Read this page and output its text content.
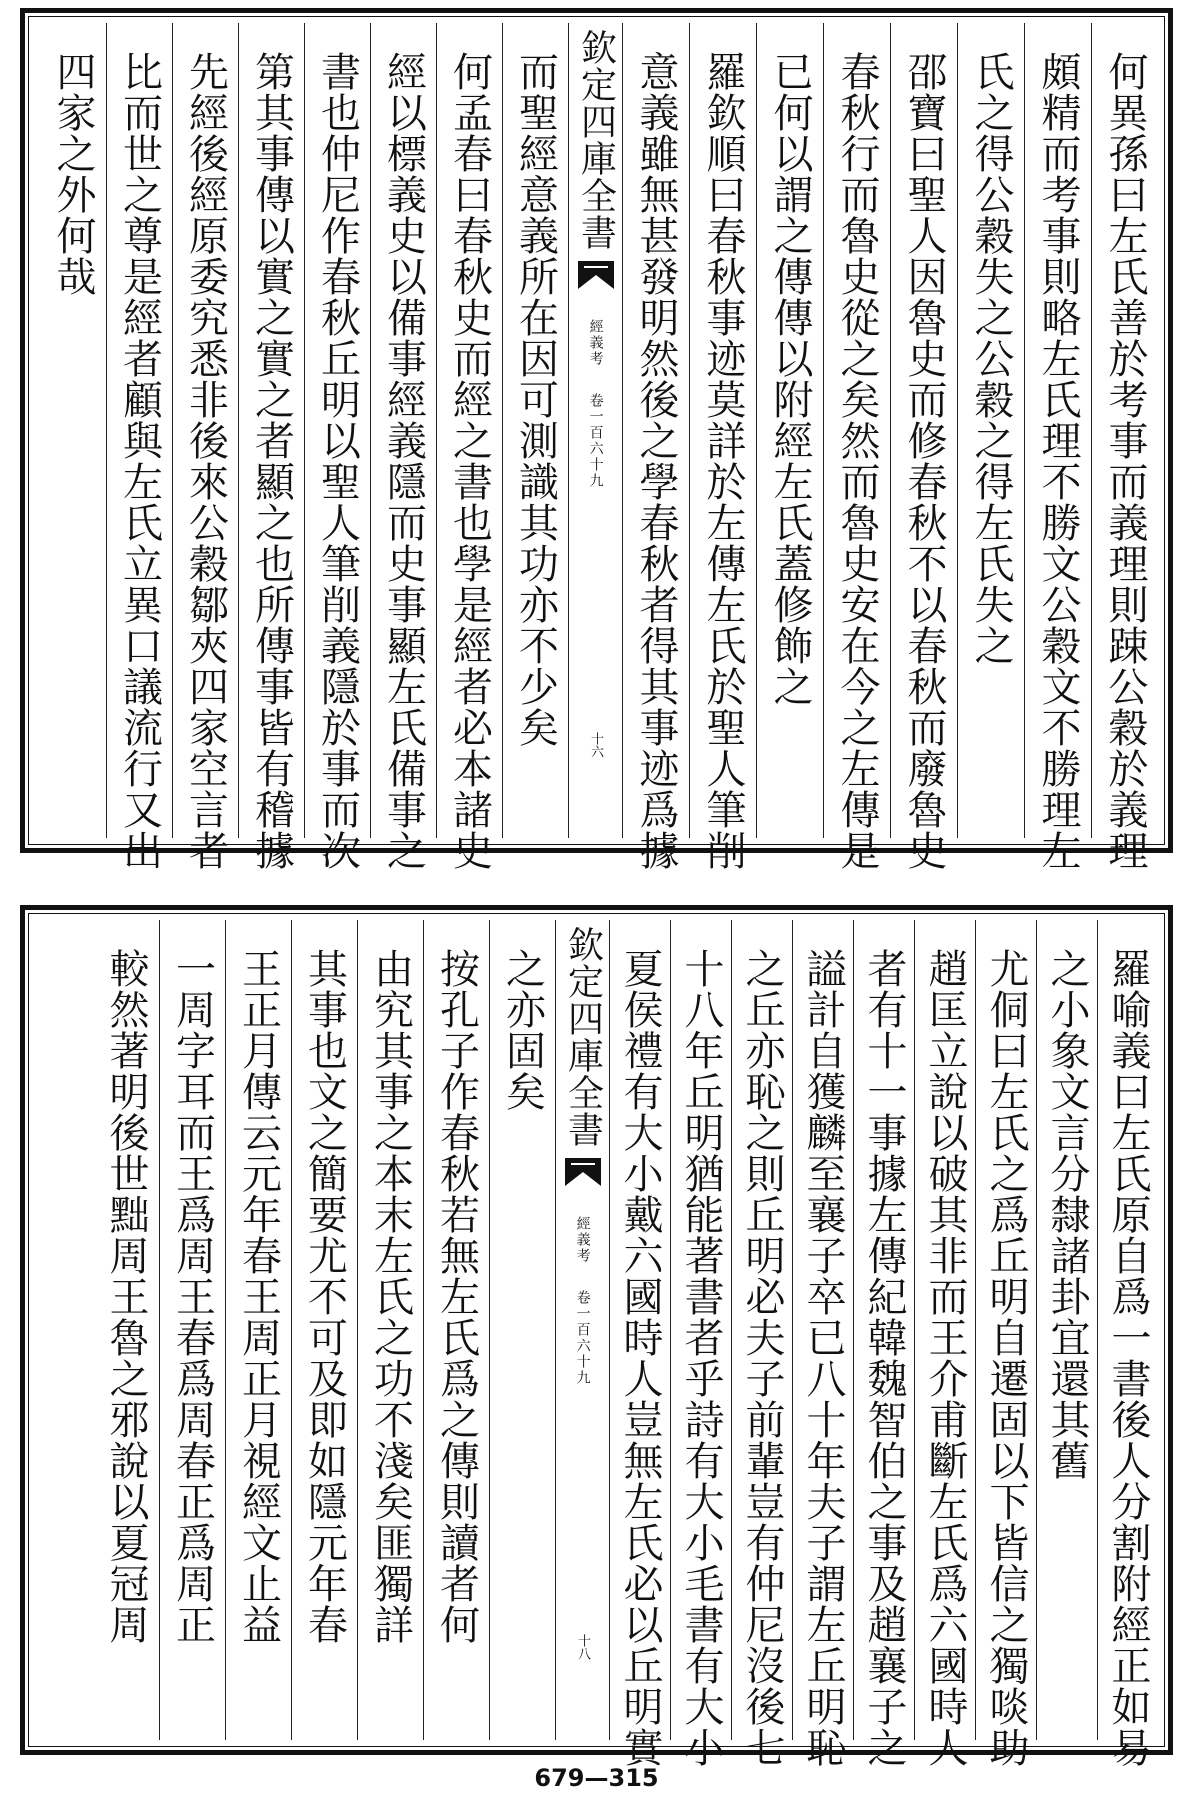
何異孫曰左氏善於考事而義理則踈公穀於義理
頗精而考事則略左氏理不勝文公穀文不勝理左
氏之得公穀失之公穀之得左氏失之
邵寶曰聖人因魯史而修春秋不以春秋而廢魯史
春秋行而魯史從之矣然而魯史安在今之左傳是
已何以謂之傳傳以附經左氏蓋修飾之
羅欽順曰春秋事迹莫詳於左傳左氏於聖人筆削
意義雖無甚發明然後之學春秋者得其事迹爲據
欽定四庫全書
經義考
卷一百六十九
十六
而聖經意義所在因可測識其功亦不少矣
何孟春曰春秋史而經之書也學是經者必本諸史
經以標義史以備事經義隱而史事顯左氏備事之
書也仲尼作春秋丘明以聖人筆削義隱於事而次
第其事傳以實之實之者顯之也所傳事皆有稽據
先經後經原委究悉非後來公穀鄒夾四家空言者
比而世之尊是經者顧與左氏立異口議流行又出
四家之外何哉
羅喻義曰左氏原自爲一書後人分割附經正如易
之小象文言分隸諸卦宜還其舊
尤侗曰左氏之爲丘明自遷固以下皆信之獨啖助
趙匡立說以破其非而王介甫斷左氏爲六國時人
者有十一事據左傳紀韓魏智伯之事及趙襄子之
謚計自獲麟至襄子卒已八十年夫子謂左丘明恥
之丘亦恥之則丘明必夫子前輩豈有仲尼沒後七
十八年丘明猶能著書者乎詩有大小毛書有大小
夏侯禮有大小戴六國時人豈無左氏必以丘明實
欽定四庫全書
經義考
卷一百六十九
十八
之亦固矣
按孔子作春秋若無左氏爲之傳則讀者何
由究其事之本末左氏之功不淺矣匪獨詳
其事也文之簡要尤不可及即如隱元年春
王正月傳云元年春王周正月視經文止益
一周字耳而王爲周王春爲周春正爲周正
較然著明後世黜周王魯之邪說以夏冠周
679—315
